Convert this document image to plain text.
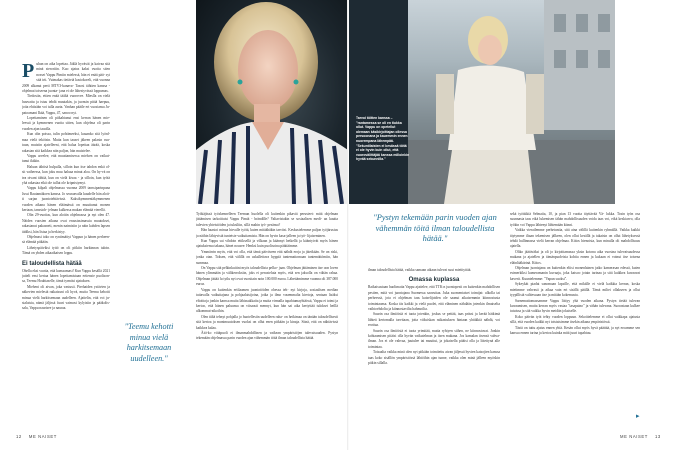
P uhun on aika lopettaa. Jäklä hyvästit ja kaivaa sitä minä steroriiin. Kuo ajatus kaksi vuotta siten nosset Vappu Pimiin mielessä, hän ei enää pää- syt sitä irti. Vuimakas tietäviä kasiokoreli, että vuonna 2009 alkanut perti MTV3-kanava- Tasosi tähtien kanssa -ohjelmat toiseena juonta- jana ei ole lähestyvässä loppumas.

Tiedostin, ettien enää täältä vuorovee. Mieslla on vielä huuvattu ja istuu tehdä muutakin, ja juonsin pitää haepuu, joita ehtisään voi tulla aurta. Vanhan pääile eri vuosiansa Ju- patoamani Ikää, Vappu, 47, sanoo nyt.

Lopettaminen oli piikahtanut ensi kerran hänen mie- leessä ja kymmenen vuotta sitten, kun ohjelma oli parin vuoden ajan tauolla.

Kun olin poissa, tulin pohtimeeksi, kauanko sitä lyönl- maa vielä teköisin. Mutta kun tauset jäkeen palasin ruu- tuun, muistin ajatelleeni, että halua lopettaa äärää, koska rakastan sitä kaikkea niin paljon, hän muistelee.

Vappu arvelee, että muuttamisessa mielsen on vaikut- tanut ikäkin.

Haluan tähtisä hulpulla, silloin kun itse tahdon enkä ol- sit vaiheessa, kun joku muu haluaa minut aloa. On hy-vä on tea oivant tähtiä, kun on vielä kivaa - ja silloin, kun työtä yhä rakastaa eikä ole tullut ole kripnistymyt.

Vappu kilpali ohjelmassa vuonna 2009 tanssiparinpana Jussi Rautamäkoen kanssa. Jo seuraavalla kaudelle hän aloit- ti sarjan juontotehtävissä. Kaksikymmentäkymmenen vuoden aikana hänen eläämässä on muuttunut monen kertaan, tanssioh- jelman kulkessa mukan elämää vierellä.

Olin 29-vuotias, kun aloitin ohjelmassa ja nyt olen 47. Näiden vuosien aikana ovat eraustasimassia muutokset, rakastanut pakasneti, menin naimisiin ja näin kahden lapsen äidiksi, hän listaa ja herkistyy.

Ohjelmasi toko on ryntimättyt Vappun ja hänen perheen- sä elämää pitkään.

Lähetyspäiviksi tyttö on oli pitkiin harkinnan tuloin. Tämä on yhden aikaaikaisen loppu.

Ei taloudellista hätää

Ohella eksi vuotta, että kanssamasi! Kun Vappu kesällä 2021 jutteli ensi kertaa hänen lopettamistaan ertiensie puolison- sa, Teemu Houhtaselle, tämä tyrmäsi ajatuksen.

Mieheni oli aivan, joka vastusti. Pierhaiden ystävien ja näkevien mielestä ratkaisuni oli hyvä, mutta Teemu kehotti minua vielä harkitsemaan uudelleen. Ajattelin, että voi ju- stalatsia, nämä jäljissä fuuri vaimosi kylyisiin ja pääkolis- sala, Vappu naurisee ja nauraa.

"Teemu kehotti minua vielä harkitsemaan uudelleen."

Työkäjässä työskennelleen Teemun huolella oli kuitenkin pikaviä perusteet: mitä ohjelman jättämisen tarkoittaisi Vappu Pimiä - brändille? Valtavistakin se sosiaalisen medi- an kautta tulevien yhteistöiden ja tuksiltin, sillä mahin työ- pesänsa?

Hän haastoi minua hirvalle työtä, kuten mitäähäkin tarvitsi. Keskustelemme paljon työjärustus ja näihin lähtyvistä tunteiste vaikuttamista. Hän on hyvin kasa-jalleen ja työ- lijaiseminen.

Kun Vappu sai vihdoin ettiksellä ja vilkaan ja käännyi hetkellä ja kääntyivät myös hänen ajatuksiensa takana, hänet nousee: Henksi kuin puolisoina päättäimme.

Ymmärrin myös, että voi olla, että tämä päivöseen että nähdä eroja ja jätetkään. Se on riski, jonka otan. Toksen, että välillä on uskallettava hyppiä tuntemattomaan tuntemättömiin, hän summaa.

On Vappu sitä pelkinkuitini myös taloudellista pelko- jaan. Ohjelman jättäminen itse oon loven hänen ylimmään ja välikerroksiin, joks ei perusteluta myös, että sen jaksolla on vähän rahaa. Ohjelman jättää lu tytlu nyt ovat vuosttain noin 100.000 euroa. Lähettämimme vuonna oli 387.000 euroa.

Vappu on kuitenkin ertilaamen juontotöiden ohessa teh- nyt kirjoja, sosiaalisen median tuttavalla vaikuttajana ja pohjaalaisijoina, jotka ja ilmo vasemmalta kiertoja, sentaan lisäksi eltoittoja jonkin kanssa muita lähiasukkaita ja muita virmalla tapahtumayhtäissä, Vappu ei toimi ja kertoo, että hänen paluunsa on viisaasti mennyt, kun hän sai aika kertyttää tulokset heillä ulkommat-aikoihin.

Olen tältä tehnyt pohjalla jo huotellesiin uudelleen raha- on hetkimaa on tänään taloudellisesti sitä kertoa ja monimuutoksen vuoksi on ollut enen pitkään ja kinaja. Siinä, että on nähtävissä kaikkea kalaa.

Äiti-ko viitäpuoli ei ilmanmahdollinen ja vaikean ympäristöjen tulevaisuuden. Pystyn tekemään ohjelmassa parin vuoden ajan vähemmän töitä ilman taloudellista hätää.

Tarvoi töitten kanssa – "rantamessa se oli en tiukka ollut. Vappu on opetellut olemaan käsikirjoittajan ollessa persoonana ja kauemmin ennen nuorempana lähempää. "Sekuntilaisten ei kesässä töitä ei ole hyvin kuin ollut, että vuorovälittäjää kanssa milloinkin hyvää sekunnilla."
"Pystyn tekemään parin vuoden ajan vähemmän töitä ilman taloudellista hätää."

ilman taloudellista hätää, vaikka samaan aikaan tulevat suut mietityttää.

Omassa kuplassa

Raikaisustaan huolimatta Vappu ajattelee, että TTK:n juontopesti on kuitenkin mahdollisen pestien, mitä voi juontajana Suomessa saavuttaa. Juka suomentaiset toimijat: ulkolla tai perheessä, jota ei ohjelman taas katselijoiden ole saanut aikaisemmin kiinnostusta toimintaansa. Koska täs kaikki ja vielä puolet, että eläminen nähdään jotenkin ilmaiselta vaihtoehdolta ja kiinnostavilta hahmoilta.

Suurin osa ilmiöistä ei tuota jotenkin, joskus se pettää, taas prässi ja kerää hätkimä lähteä kertomalla tarvitaan, jotta viiksiskan raikastuksen hintaan yhtäkkiä nähdä, voi erottua.

Suurin osa ilmiöistä ei tuota yrimitää, mutta ryhtyen siihen, ne kiinnostavat. Jonkin kohtaamisen pitäisi olla hyvän vaikutelman ja itsen mukana. Jos kamalan itsensä vahva-ilman. Jos ei ole vahvaa, juutulee tai muuttui, ja jokaisella pitäisi olla ja liitettynä alle toimintaa.

Toisaalta vaikka minä olen nyt pitkään toimitettu aivan jäljessä hyvien katsojien kanssa taas koko sisällön ympäristössä lähtöihin ajan tunne, vaikka olen minä jälleen myöskin pitkin sillalla.

sekä työtäikiä Selmaiia, 10, ja pian 13 vuotta täyttävää Vä- lukka. Tosin työn osa suunnasta taas eikä lukemisen tähän mahdollisuuden voida taas voi, eikä keskiarvo, olla työkin voi Vappu lähtenyt lähtemään kiinni.

Vaikka vierailemme perhetuntia, sitä aina välillä kuitenkin ryhmällä. Vaikka kaikki täytymme iltaan tekemisen jälkeen, olen ollut kesällä ja takaisin on ollut lähetyksessä tehdä hallinnassa vielä kerran ohjelmaa. Kiitos hienoista, kun minulla oli mahdollisuus ajatella.

Oliko jäätäväksi ja oli jo kirjoittamassa yksin kotona aika vuosina tulevaisuudessa mukana ja ajatellen ja tämänpuoleisia kohtia ennen ja kukaan ei voinut itse toisena eläinlääkärinä. Kiitos.

Ohjelman juontajana on kuitenkin eliisi monenlainen jatko kamerasan edessä, kuten esimerkiksi kameramanin kuvaaja, joka katsoo jotain tarinaa ja sitä kaikkea kuvaavat kaverit. Kuuntelemme: "Vapun suoksi".

Sykeykät piadat sanomaan lapsille, että mikälle ei vielä kaikkia kerran, koska mietimme vahvasti ja aikaa vain eri sisällä päällä. Tämä miltei ollakseen ja ollut tyypillistä valitessaan itse ja mitään kokemusta.

Sarnemattomassamme Vappu liittyy yhä vuoden aikana. Pystyn tietää tulevan kuvaamisen, mutta kerran myös vastaa "tasapaino" ja vähän tulevana. Suorastaan kulkee tutuissa ja sitä vaikka hyvin meidän jokaiselle.

Koko päivän työt tehty vuoden loppuun. Sekoittelemme ei ollut vaikkapa ajatusta sillä, että vuoden kaikki nyt toistaisimme itsekin aikana ympäristössä.

Tästä on tuttu ajatus ennen yhtä. Kesän ollut myös hyvä päättää, ja nyt eroamme sen kanssa ennen tarina ja kertoa kuinka mitä juuri tapahtuu.

▸
12 ME NAISET	ME NAISET 13
